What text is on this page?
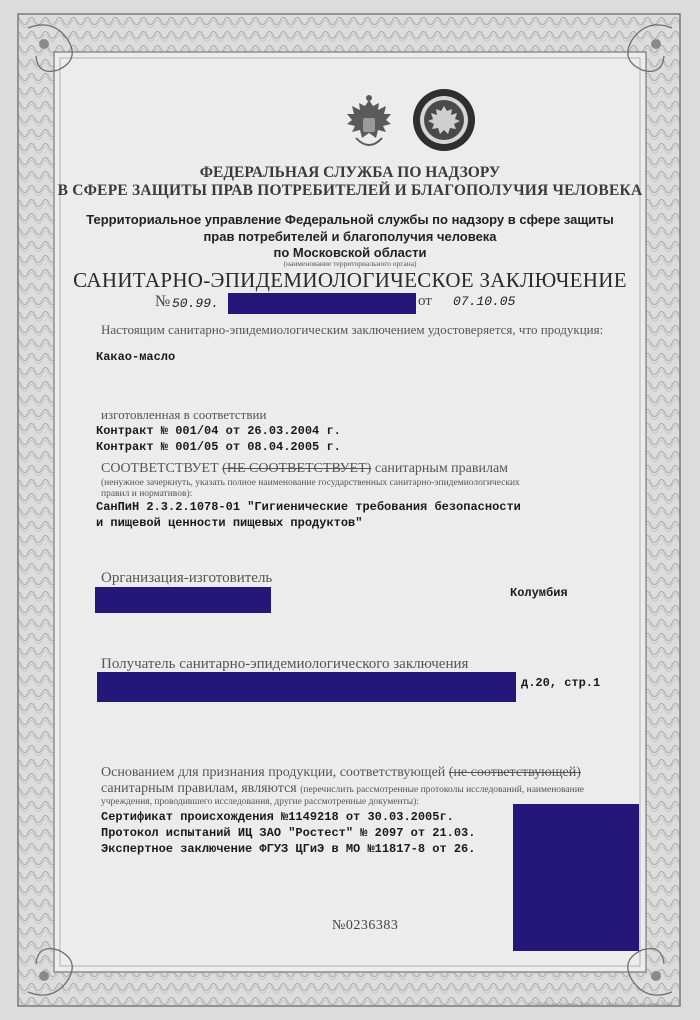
ФЕДЕРАЛЬНАЯ СЛУЖБА ПО НАДЗОРУ
В СФЕРЕ ЗАЩИТЫ ПРАВ ПОТРЕБИТЕЛЕЙ И БЛАГОПОЛУЧИЯ ЧЕЛОВЕКА
Территориальное управление Федеральной службы по надзору в сфере защиты
прав потребителей и благополучия человека
по Московской области
(наименование территориального органа)
САНИТАРНО-ЭПИДЕМИОЛОГИЧЕСКОЕ ЗАКЛЮЧЕНИЕ
№ 50.99.	от 07.10.05
Настоящим санитарно-эпидемиологическим заключением удостоверяется, что продукция:
Какао-масло
изготовленная в соответствии
Контракт № 001/04 от 26.03.2004 г.
Контракт № 001/05 от 08.04.2005 г.
СООТВЕТСТВУЕТ (НЕ СООТВЕТСТВУЕТ) санитарным правилам
(ненужное зачеркнуть, указать полное наименование государственных санитарно-эпидемиологических
правил и нормативов):
СанПиН 2.3.2.1078-01 "Гигиенические требования безопасности
и пищевой ценности пищевых продуктов"
Организация-изготовитель
Колумбия
Получатель санитарно-эпидемиологического заключения
д.20, стр.1
Основанием для признания продукции, соответствующей (не соответствующей)
санитарным правилам, являются (перечислить рассмотренные протоколы исследований, наименование
учреждения, проводившего исследования, другие рассмотренные документы):
Сертификат происхождения №1149218 от 30.03.2005г.
Протокол испытаний ИЦ ЗАО "Ростест" № 2097 от 21.03.
Экспертное заключение ФГУЗ ЦГиЭ в МО №11817-8 от 26.
№0236383
© 2005 Первая печатная фабрика · г. Москва · 2005 · лицензия № 48
